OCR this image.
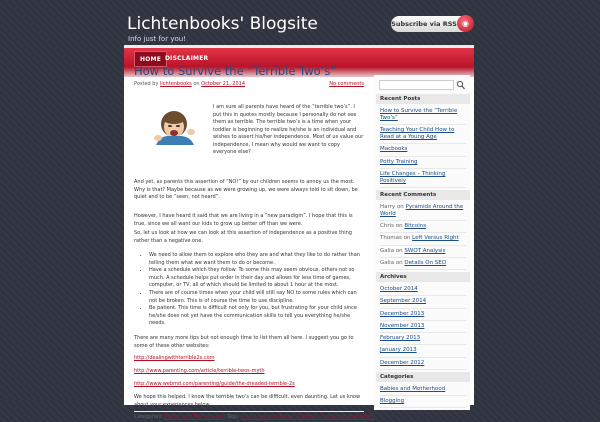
Lichtenbooks' Blogsite
Info just for you!
Subscribe via RSS ◉
HOME DISCLAIMER
How to Survive the “Terrible Two’s”
Posted by lichtenbooks on October 21, 2014	No comments
I am sure all parents have heard of the “terrible two’s”. I put this in quotes mostly because I personally do not see them as terrible. The terrible two’s is a time when your toddler is beginning to realize he/she is an individual and wishes to assert his/her independence. Most of us value our independence, I mean why would we want to copy everyone else?
And yet, as parents this assertion of “NO!” by our children seems to annoy us the most. Why is that? Maybe because as we were growing up, we were always told to sit down, be quiet and to be “seen, not heard”.
However, I have heard it said that we are living in a “new paradigm”. I hope that this is true, since we all want our kids to grow up better off than we were.
So, let us look at how we can look at this assertion of independence as a positive thing rather than a negative one.
• We need to allow them to explore who they are and what they like to do rather than telling them what we want them to do or become.
• Have a schedule which they follow. To some this may seem obvious, others not so much. A schedule helps put order in their day and allows for less time of games, computer, or TV, all of which should be limited to about 1 hour at the most.
• There are of course times when your child will still say NO to some rules which can not be broken. This is of course the time to use discipline.
• Be patient. This time is difficult not only for you, but frustrating for your child since he/she does not yet have the communication skills to tell you everything he/she needs.
There are many more tips but not enough time to list them all here. I suggest you go to some of these other websites:
http://dealingwithterrible2s.com
http://www.parenting.com/article/terrible-twos-myth
http://www.webmd.com/parenting/guide/the-dreaded-terrible-2s
We hope this helped. I know the terrible two’s can be difficult, even daunting. Let us know about your experiences below.
Categories: Babies and Motherhood. Tags: assert independence, Children Communication Skills,
Recent Posts
How to Survive the “Terrible Two’s”
Teaching Your Child How to Read at a Young Age
Macbooks
Potty Training
Life Changes – Thinking Positively
Recent Comments
Harry on Pyramids Around the World
Chris on Bitcoins
Thomas on Left Versus Right
Galia on SWOT Analysis
Galia on Details On SEO
Archives
October 2014
September 2014
December 2013
November 2013
February 2013
January 2013
December 2012
Categories
Babies and Motherhood
Blogging
